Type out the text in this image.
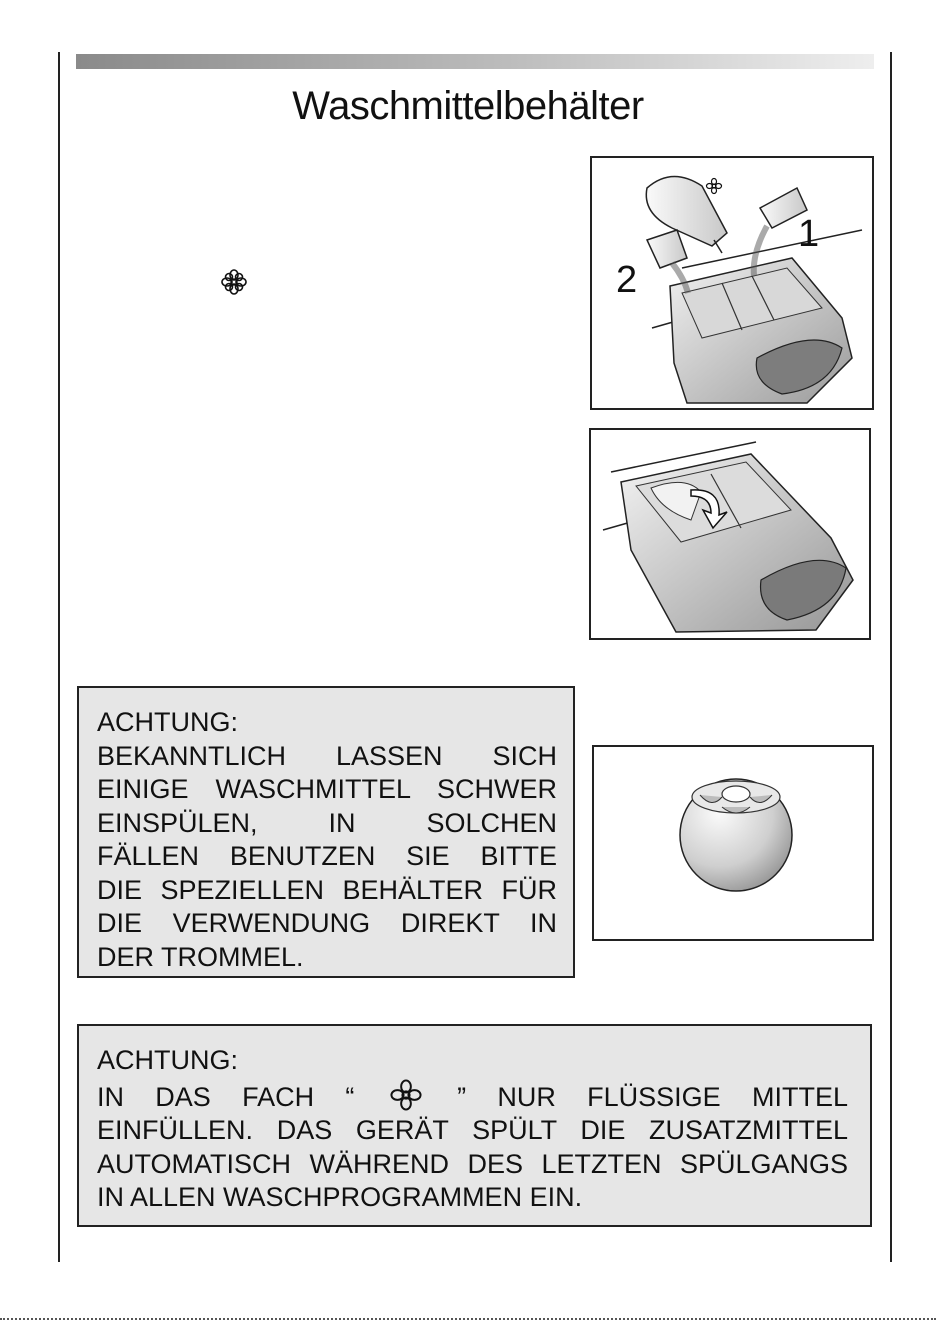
Waschmittelbehälter
1
2
ACHTUNG:
BEKANNTLICH LASSEN SICH
EINIGE WASCHMITTEL SCHWER
EINSPÜLEN, IN SOLCHEN
FÄLLEN BENUTZEN SIE BITTE
DIE SPEZIELLEN BEHÄLTER FÜR
DIE VERWENDUNG DIREKT IN
DER TROMMEL.
ACHTUNG:
IN DAS FACH “	” NUR FLÜSSIGE MITTEL
EINFÜLLEN. DAS GERÄT SPÜLT DIE ZUSATZMITTEL
AUTOMATISCH WÄHREND DES LETZTEN SPÜLGANGS
IN ALLEN WASCHPROGRAMMEN EIN.
